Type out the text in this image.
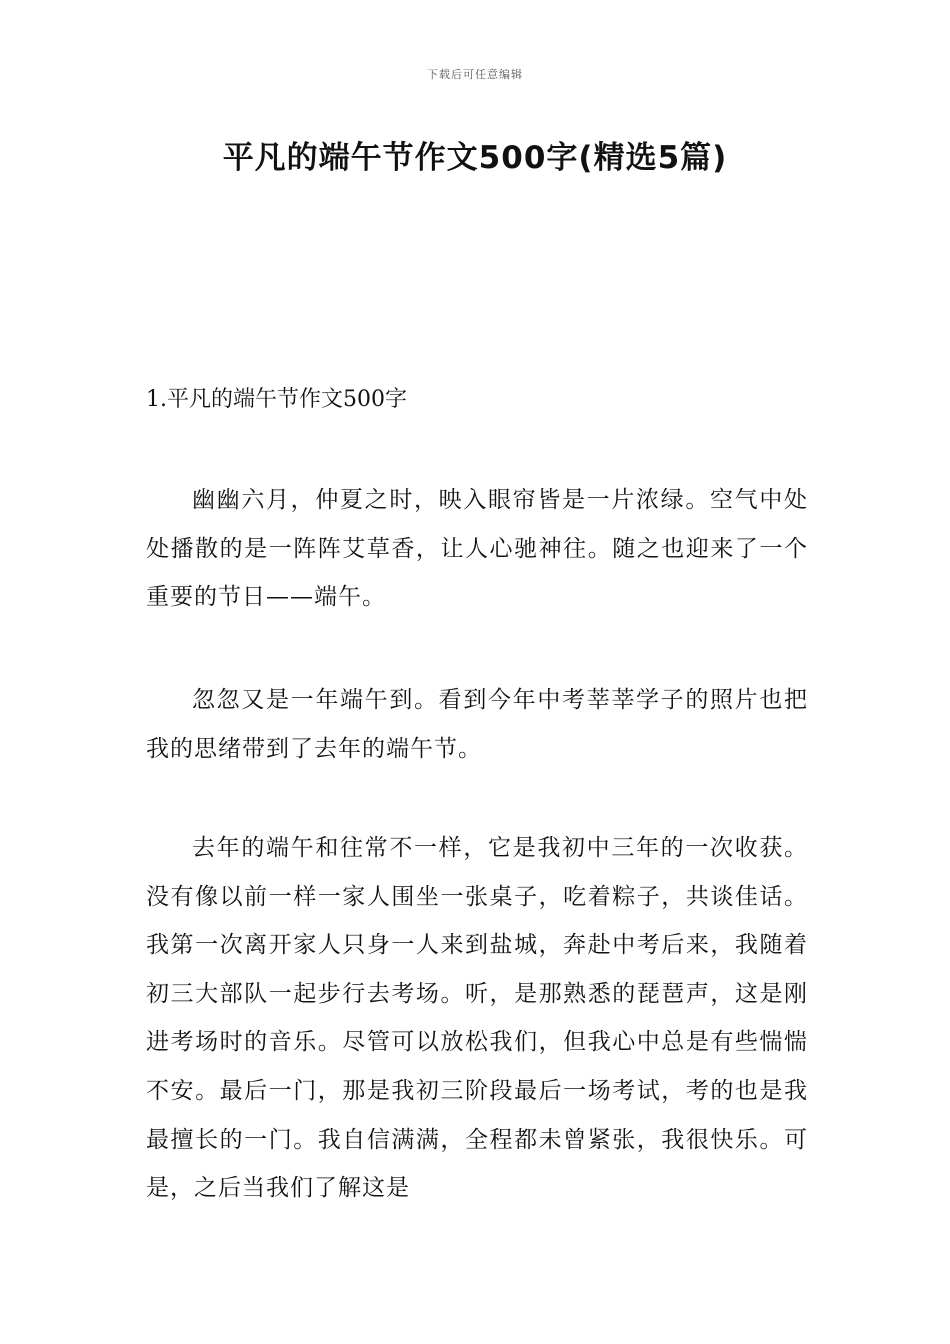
下载后可任意编辑
平凡的端午节作文500字(精选5篇)
1.平凡的端午节作文500字

幽幽六月，仲夏之时，映入眼帘皆是一片浓绿。空气中处处播散的是一阵阵艾草香，让人心驰神往。随之也迎来了一个重要的节日——端午。

忽忽又是一年端午到。看到今年中考莘莘学子的照片也把我的思绪带到了去年的端午节。

去年的端午和往常不一样，它是我初中三年的一次收获。没有像以前一样一家人围坐一张桌子，吃着粽子，共谈佳话。我第一次离开家人只身一人来到盐城，奔赴中考后来，我随着初三大部队一起步行去考场。听，是那熟悉的琵琶声，这是刚进考场时的音乐。尽管可以放松我们，但我心中总是有些惴惴不安。最后一门，那是我初三阶段最后一场考试，考的也是我最擅长的一门。我自信满满，全程都未曾紧张，我很快乐。可是，之后当我们了解这是
